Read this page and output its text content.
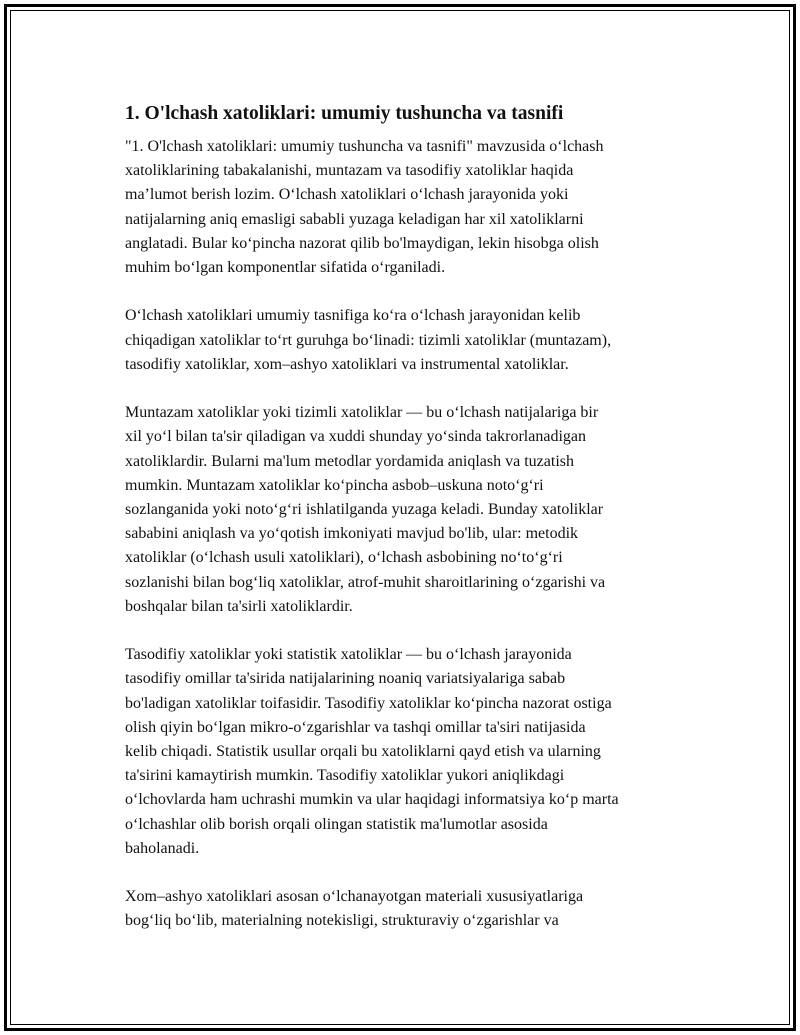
1. O'lchash xatoliklari: umumiy tushuncha va tasnifi

"1. O'lchash xatoliklari: umumiy tushuncha va tasnifi" mavzusida o‘lchash
xatoliklarining tabakalanishi, muntazam va tasodifiy xatoliklar haqida
ma’lumot berish lozim. O‘lchash xatoliklari o‘lchash jarayonida yoki
natijalarning aniq emasligi sababli yuzaga keladigan har xil xatoliklarni
anglatadi. Bular ko‘pincha nazorat qilib bo'lmaydigan, lekin hisobga olish
muhim bo‘lgan komponentlar sifatida o‘rganiladi.

O‘lchash xatoliklari umumiy tasnifiga ko‘ra o‘lchash jarayonidan kelib
chiqadigan xatoliklar to‘rt guruhga bo‘linadi: tizimli xatoliklar (muntazam),
tasodifiy xatoliklar, xom–ashyo xatoliklari va instrumental xatoliklar.

Muntazam xatoliklar yoki tizimli xatoliklar — bu o‘lchash natijalariga bir
xil yo‘l bilan ta'sir qiladigan va xuddi shunday yo‘sinda takrorlanadigan
xatoliklardir. Bularni ma'lum metodlar yordamida aniqlash va tuzatish
mumkin. Muntazam xatoliklar ko‘pincha asbob–uskuna noto‘g‘ri
sozlanganida yoki noto‘g‘ri ishlatilganda yuzaga keladi. Bunday xatoliklar
sababini aniqlash va yo‘qotish imkoniyati mavjud bo'lib, ular: metodik
xatoliklar (o‘lchash usuli xatoliklari), o‘lchash asbobining no‘to‘g‘ri
sozlanishi bilan bog‘liq xatoliklar, atrof-muhit sharoitlarining o‘zgarishi va
boshqalar bilan ta'sirli xatoliklardir.

Tasodifiy xatoliklar yoki statistik xatoliklar — bu o‘lchash jarayonida
tasodifiy omillar ta'sirida natijalarining noaniq variatsiyalariga sabab
bo'ladigan xatoliklar toifasidir. Tasodifiy xatoliklar ko‘pincha nazorat ostiga
olish qiyin bo‘lgan mikro-o‘zgarishlar va tashqi omillar ta'siri natijasida
kelib chiqadi. Statistik usullar orqali bu xatoliklarni qayd etish va ularning
ta'sirini kamaytirish mumkin. Tasodifiy xatoliklar yukori aniqlikdagi
o‘lchovlarda ham uchrashi mumkin va ular haqidagi informatsiya ko‘p marta
o‘lchashlar olib borish orqali olingan statistik ma'lumotlar asosida
baholanadi.

Xom–ashyo xatoliklari asosan o‘lchanayotgan materiali xususiyatlariga
bog‘liq bo‘lib, materialning notekisligi, strukturaviy o‘zgarishlar va
